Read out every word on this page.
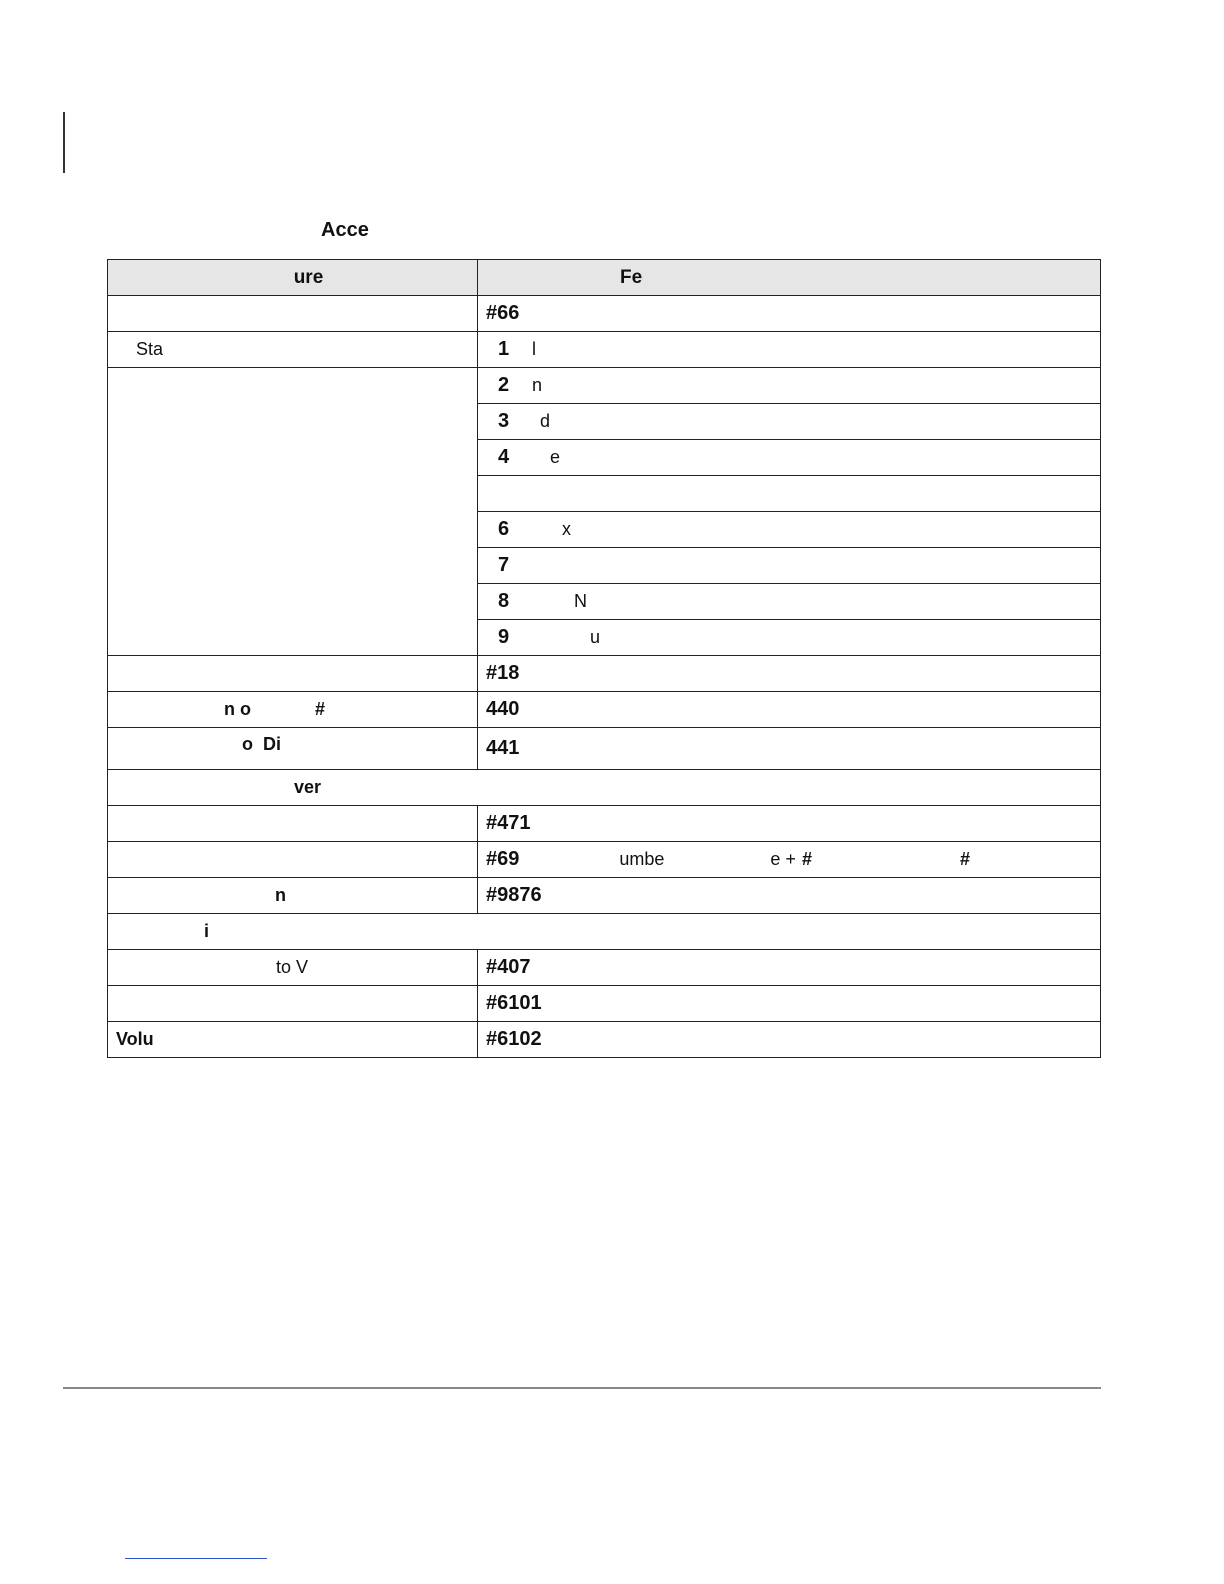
Acce
ure	Fe
	#66
Sta	1 l
	2 n
	3 d
	4 e

	6 x
	7
	8 N
	9 u
	#18
n o #	440
o Di	441
ver	
	#471
	#69 umbe e + # #
n	#9876
i	
to V	#407
	#6101
Volu	#6102
